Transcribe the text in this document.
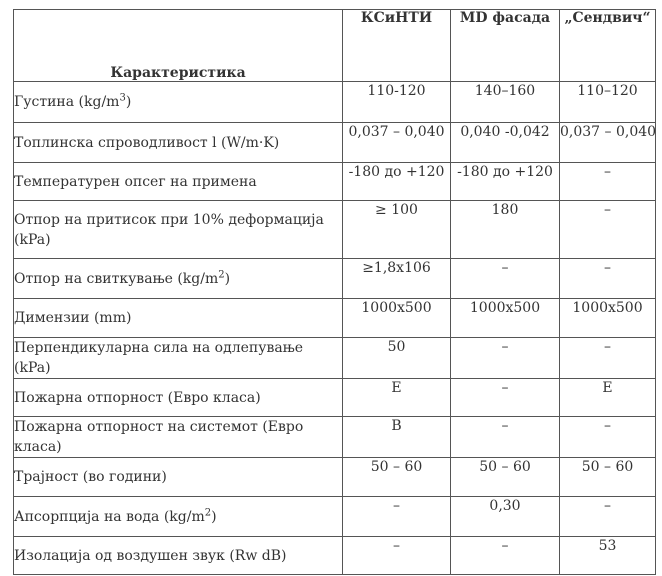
Карактеристика	КСиНТИ	MD фасада	„Сендвич“
Густина $(kg/m^3)$	110-120	140–160	110–120
Топлинска спроводливост l (W/m·K)	0,037 – 0,040	0,040 -0,042	0,037 – 0,040
Температурен опсег на примена	-180 до +120	-180 до +120	–
Отпор на притисок при 10% деформација (kPa)	≥ 100	180	–
Отпор на свиткување $(kg/m^2)$	≥1,8x106	–	–
Димензии (mm)	1000x500	1000x500	1000x500
Перпендикуларна сила на одлепување (kPa)	50	–	–
Пожарна отпорност (Евро класа)	E	–	E
Пожарна отпорност на системот (Евро класа)	B	–	–
Трајност (во години)	50 – 60	50 – 60	50 – 60
Апсорпција на вода $(kg/m^2)$	–	0,30	–
Изолација од воздушен звук (Rw dB)	–	–	53
